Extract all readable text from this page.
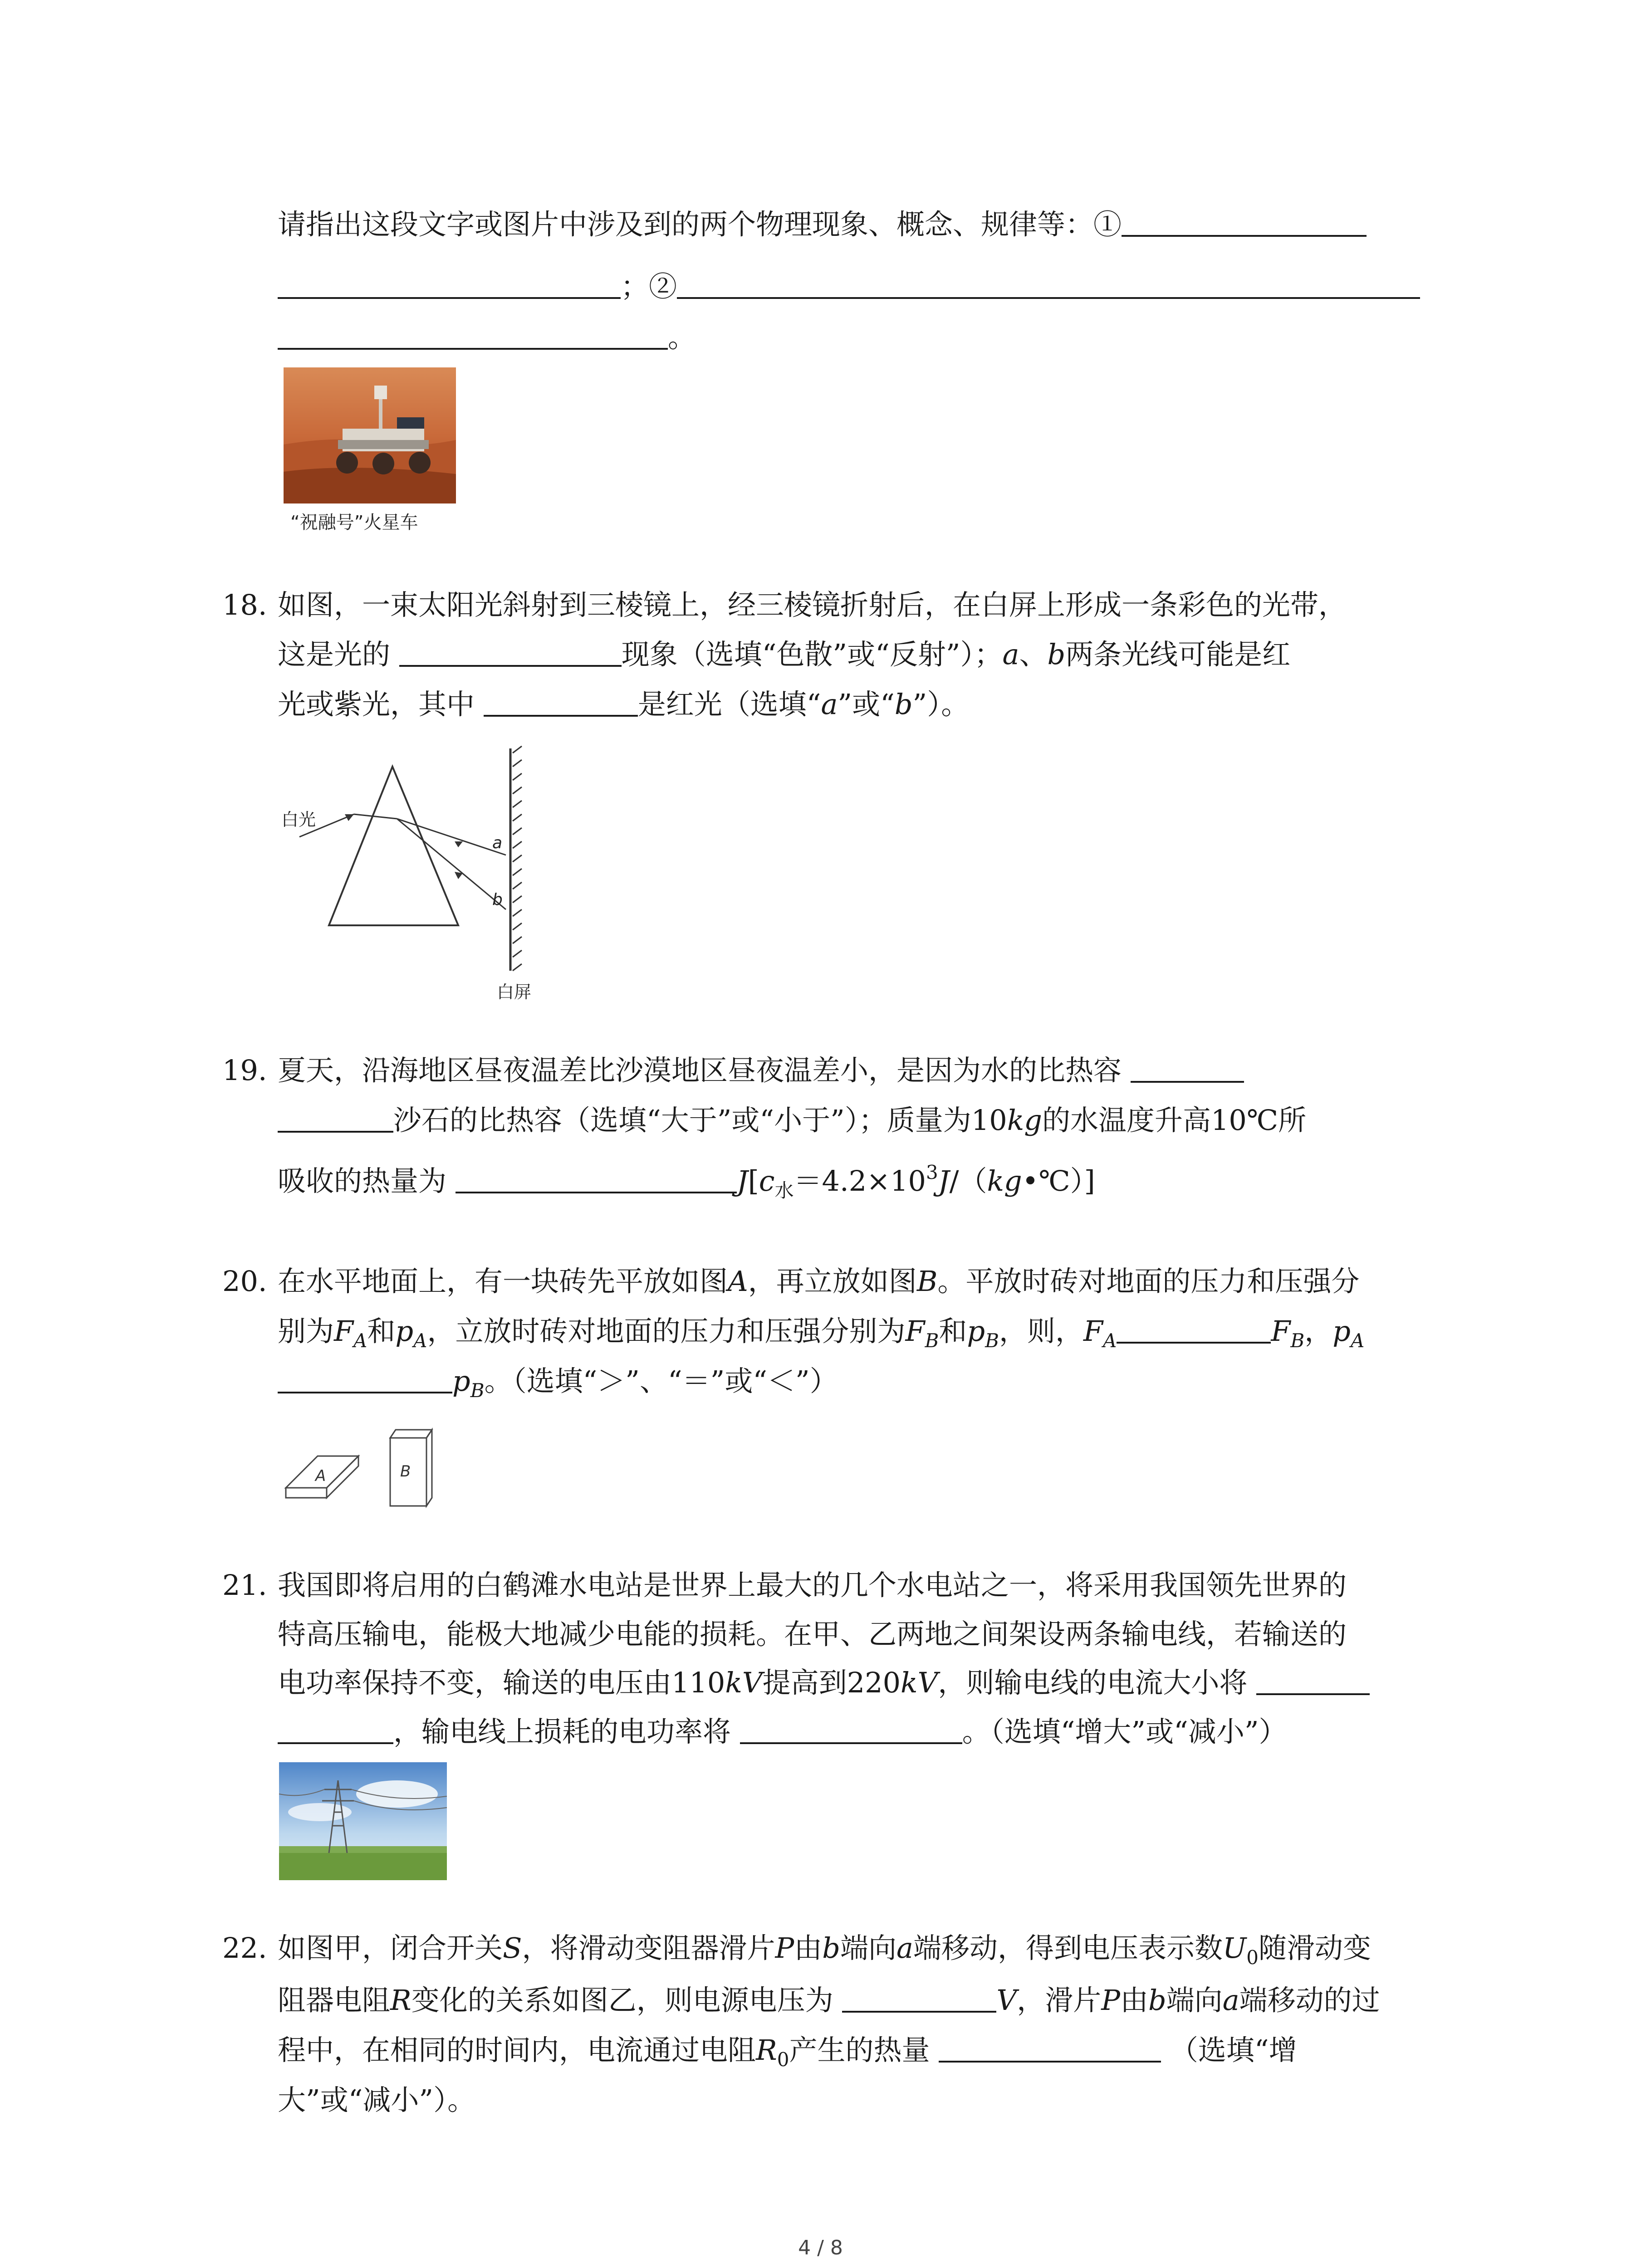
请指出这段文字或图片中涉及到的两个物理现象、概念、规律等：①
；②
。
“祝融号”火星车
18. 如图，一束太阳光斜射到三棱镜上，经三棱镜折射后，在白屏上形成一条彩色的光带，
这是光的	现象（选填“色散”或“反射”）；a、b两条光线可能是红
光或紫光，其中	是红光（选填“a”或“b”）。
白光
a
b
白屏
19. 夏天，沿海地区昼夜温差比沙漠地区昼夜温差小，是因为水的比热容
沙石的比热容（选填“大于”或“小于”）；质量为10kg的水温度升高10℃所
吸收的热量为	$J[c_水=4.2\times 10^3J/(kg•℃)]$
20. 在水平地面上，有一块砖先平放如图A，再立放如图B。平放时砖对地面的压力和压强分
别为$F_A$和$p_A$，立放时砖对地面的压力和压强分别为$F_B$和$p_B$，则，$F_A$	$F_B$，$p_A$
$p_B$。（选填“＞”、“＝”或“＜”）
A	B
21. 我国即将启用的白鹤滩水电站是世界上最大的几个水电站之一，将采用我国领先世界的
特高压输电，能极大地减少电能的损耗。在甲、乙两地之间架设两条输电线，若输送的
电功率保持不变，输送的电压由110kV提高到220kV，则输电线的电流大小将
，输电线上损耗的电功率将	。（选填“增大”或“减小”）
22. 如图甲，闭合开关S，将滑动变阻器滑片P由b端向a端移动，得到电压表示数$U_0$随滑动变
阻器电阻R变化的关系如图乙，则电源电压为	V，滑片P由b端向a端移动的过
程中，在相同的时间内，电流通过电阻$R_0$产生的热量	（选填“增
大”或“减小”）。
4 / 8
